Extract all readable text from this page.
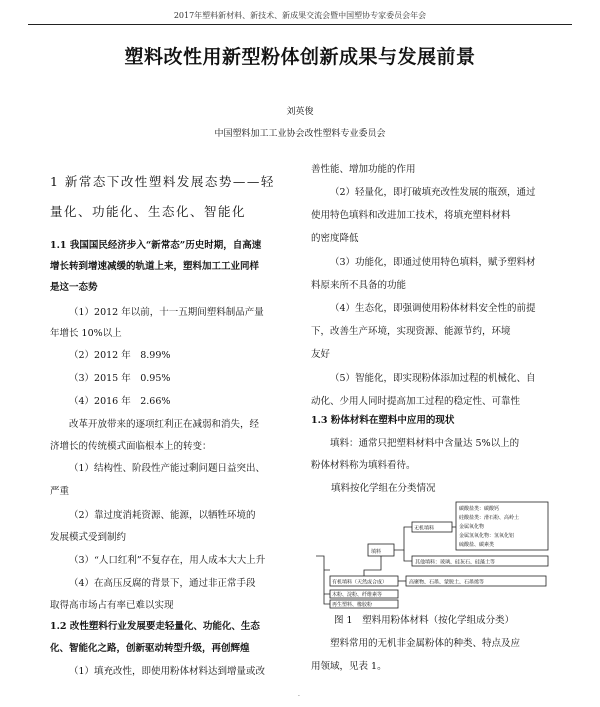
2017年塑料新材料、新技术、新成果交流会暨中国塑协专家委员会年会
塑料改性用新型粉体创新成果与发展前景
刘英俊
中国塑料加工工业协会改性塑料专业委员会
1 新常态下改性塑料发展态势——轻
量化、功能化、生态化、智能化
1.1 我国国民经济步入“新常态”历史时期，自高速
增长转到增速减缓的轨道上来，塑料加工工业同样
是这一态势
（1）2012 年以前，十一五期间塑料制品产量
年增长 10%以上
（2）2012 年　8.99%
（3）2015 年　0.95%
（4）2016 年　2.66%
改革开放带来的逐项红利正在减弱和消失，经
济增长的传统模式面临根本上的转变：
（1）结构性、阶段性产能过剩问题日益突出、
严重
（2）靠过度消耗资源、能源，以牺牲环境的
发展模式受到制约
（3）“人口红利”不复存在，用人成本大大上升
（4）在高压反腐的背景下，通过非正常手段
取得高市场占有率已难以实现
1.2 改性塑料行业发展要走轻量化、功能化、生态
化、智能化之路，创新驱动转型升级，再创辉煌
（1）填充改性，即使用粉体材料达到增量或改
善性能、增加功能的作用
（2）轻量化，即打破填充改性发展的瓶颈，通过
使用特色填料和改进加工技术，将填充塑料材料
的密度降低
（3）功能化，即通过使用特色填料，赋予塑料材
料原来所不具备的功能
（4）生态化，即强调使用粉体材料安全性的前提
下，改善生产环境，实现资源、能源节约，环境
友好
（5）智能化，即实现粉体添加过程的机械化、自
动化、少用人同时提高加工过程的稳定性、可靠性
1.3 粉体材料在塑料中应用的现状
填料：通常只把塑料材料中含量达 5%以上的
粉体材料称为填料看待。
塑料常用的无机非金属粉体的种类、特点及应
用领域，见表 1。
填料按化学组在分类情况
填料
无机填料
碳酸盐类：碳酸钙
硅酸盐类：滑石粉、高岭土
金属氧化物
金属氢氧化物：氢氧化铝
硫酸盐、碳素类
其他填料：玻璃、硅灰石、硅藻土等
有机填料（天然或合成）
木粉、淀粉、纤维素等
再生塑料、橡胶粉
高聚物、石墨、蒙脱土、石墨烯等
图 1　塑料用粉体材料（按化学组成分类）
·
